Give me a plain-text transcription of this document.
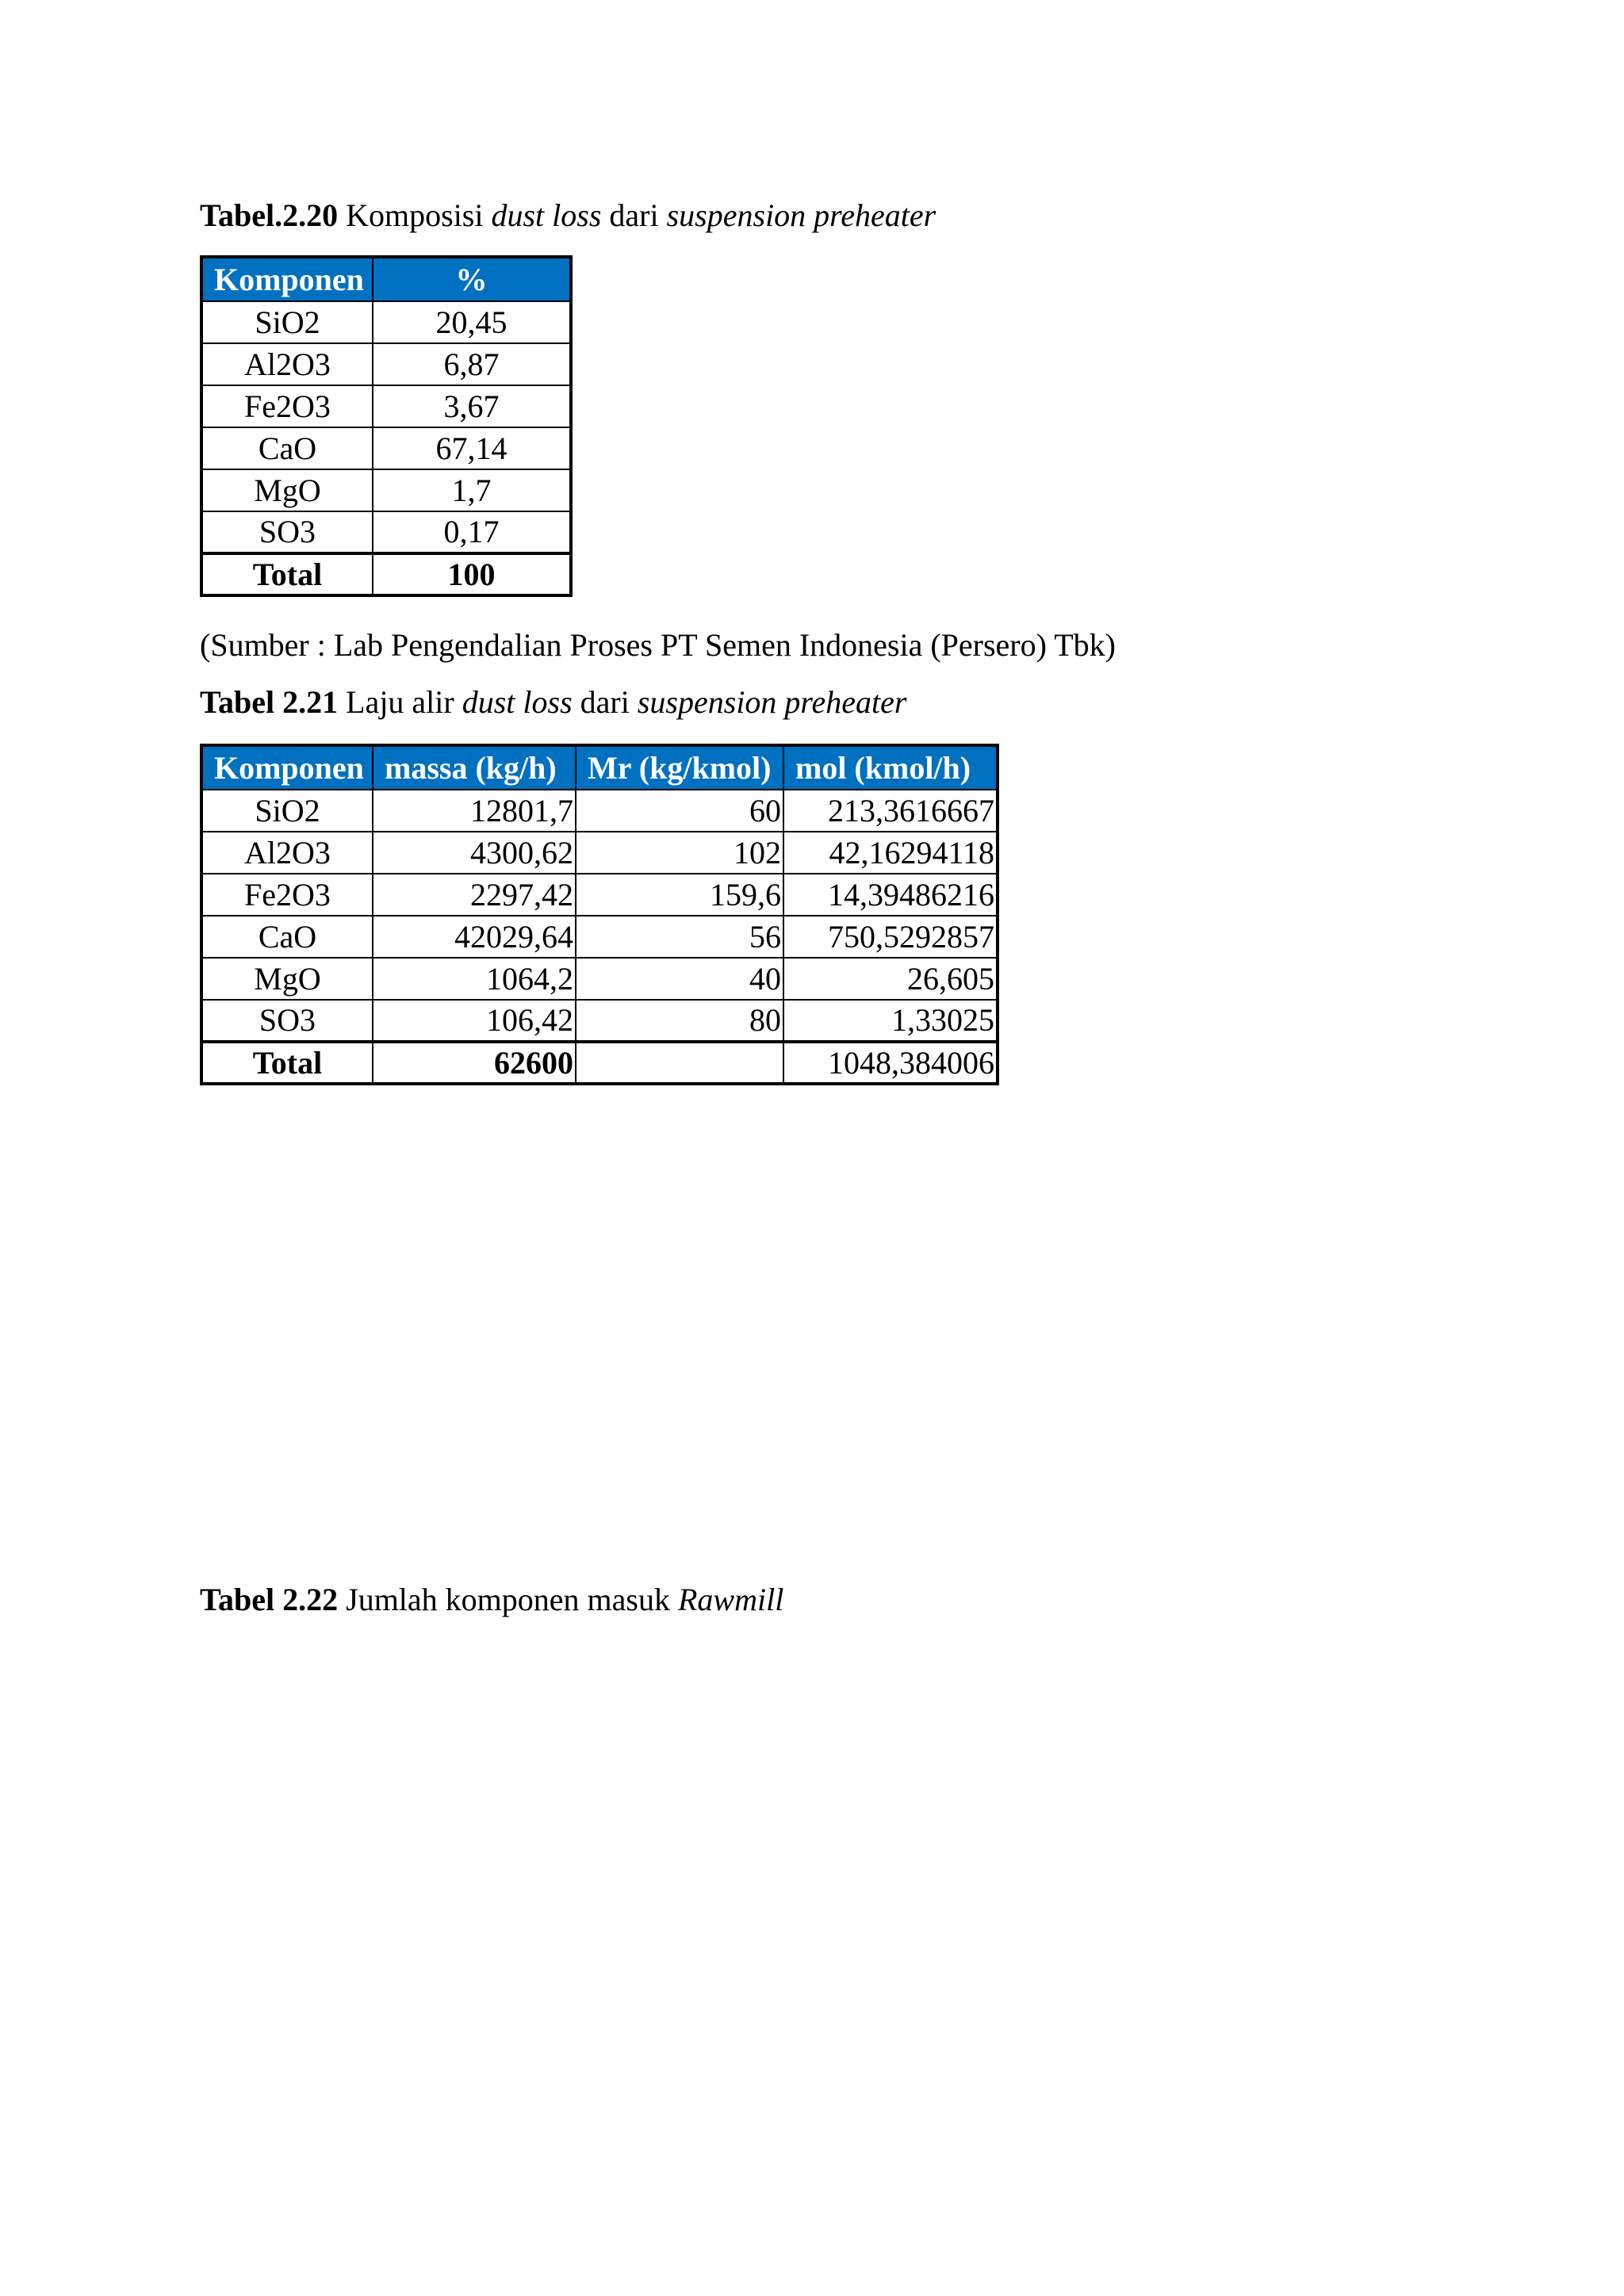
Tabel.2.20 Komposisi dust loss dari suspension preheater
Komponen	%
SiO2	20,45
Al2O3	6,87
Fe2O3	3,67
CaO	67,14
MgO	1,7
SO3	0,17
Total	100
(Sumber : Lab Pengendalian Proses PT Semen Indonesia (Persero) Tbk)
Tabel 2.21 Laju alir dust loss dari suspension preheater
Komponen	massa (kg/h)	Mr (kg/kmol)	mol (kmol/h)
SiO2	12801,7	60	213,3616667
Al2O3	4300,62	102	42,16294118
Fe2O3	2297,42	159,6	14,39486216
CaO	42029,64	56	750,5292857
MgO	1064,2	40	26,605
SO3	106,42	80	1,33025
Total	62600		1048,384006
Tabel 2.22 Jumlah komponen masuk Rawmill
